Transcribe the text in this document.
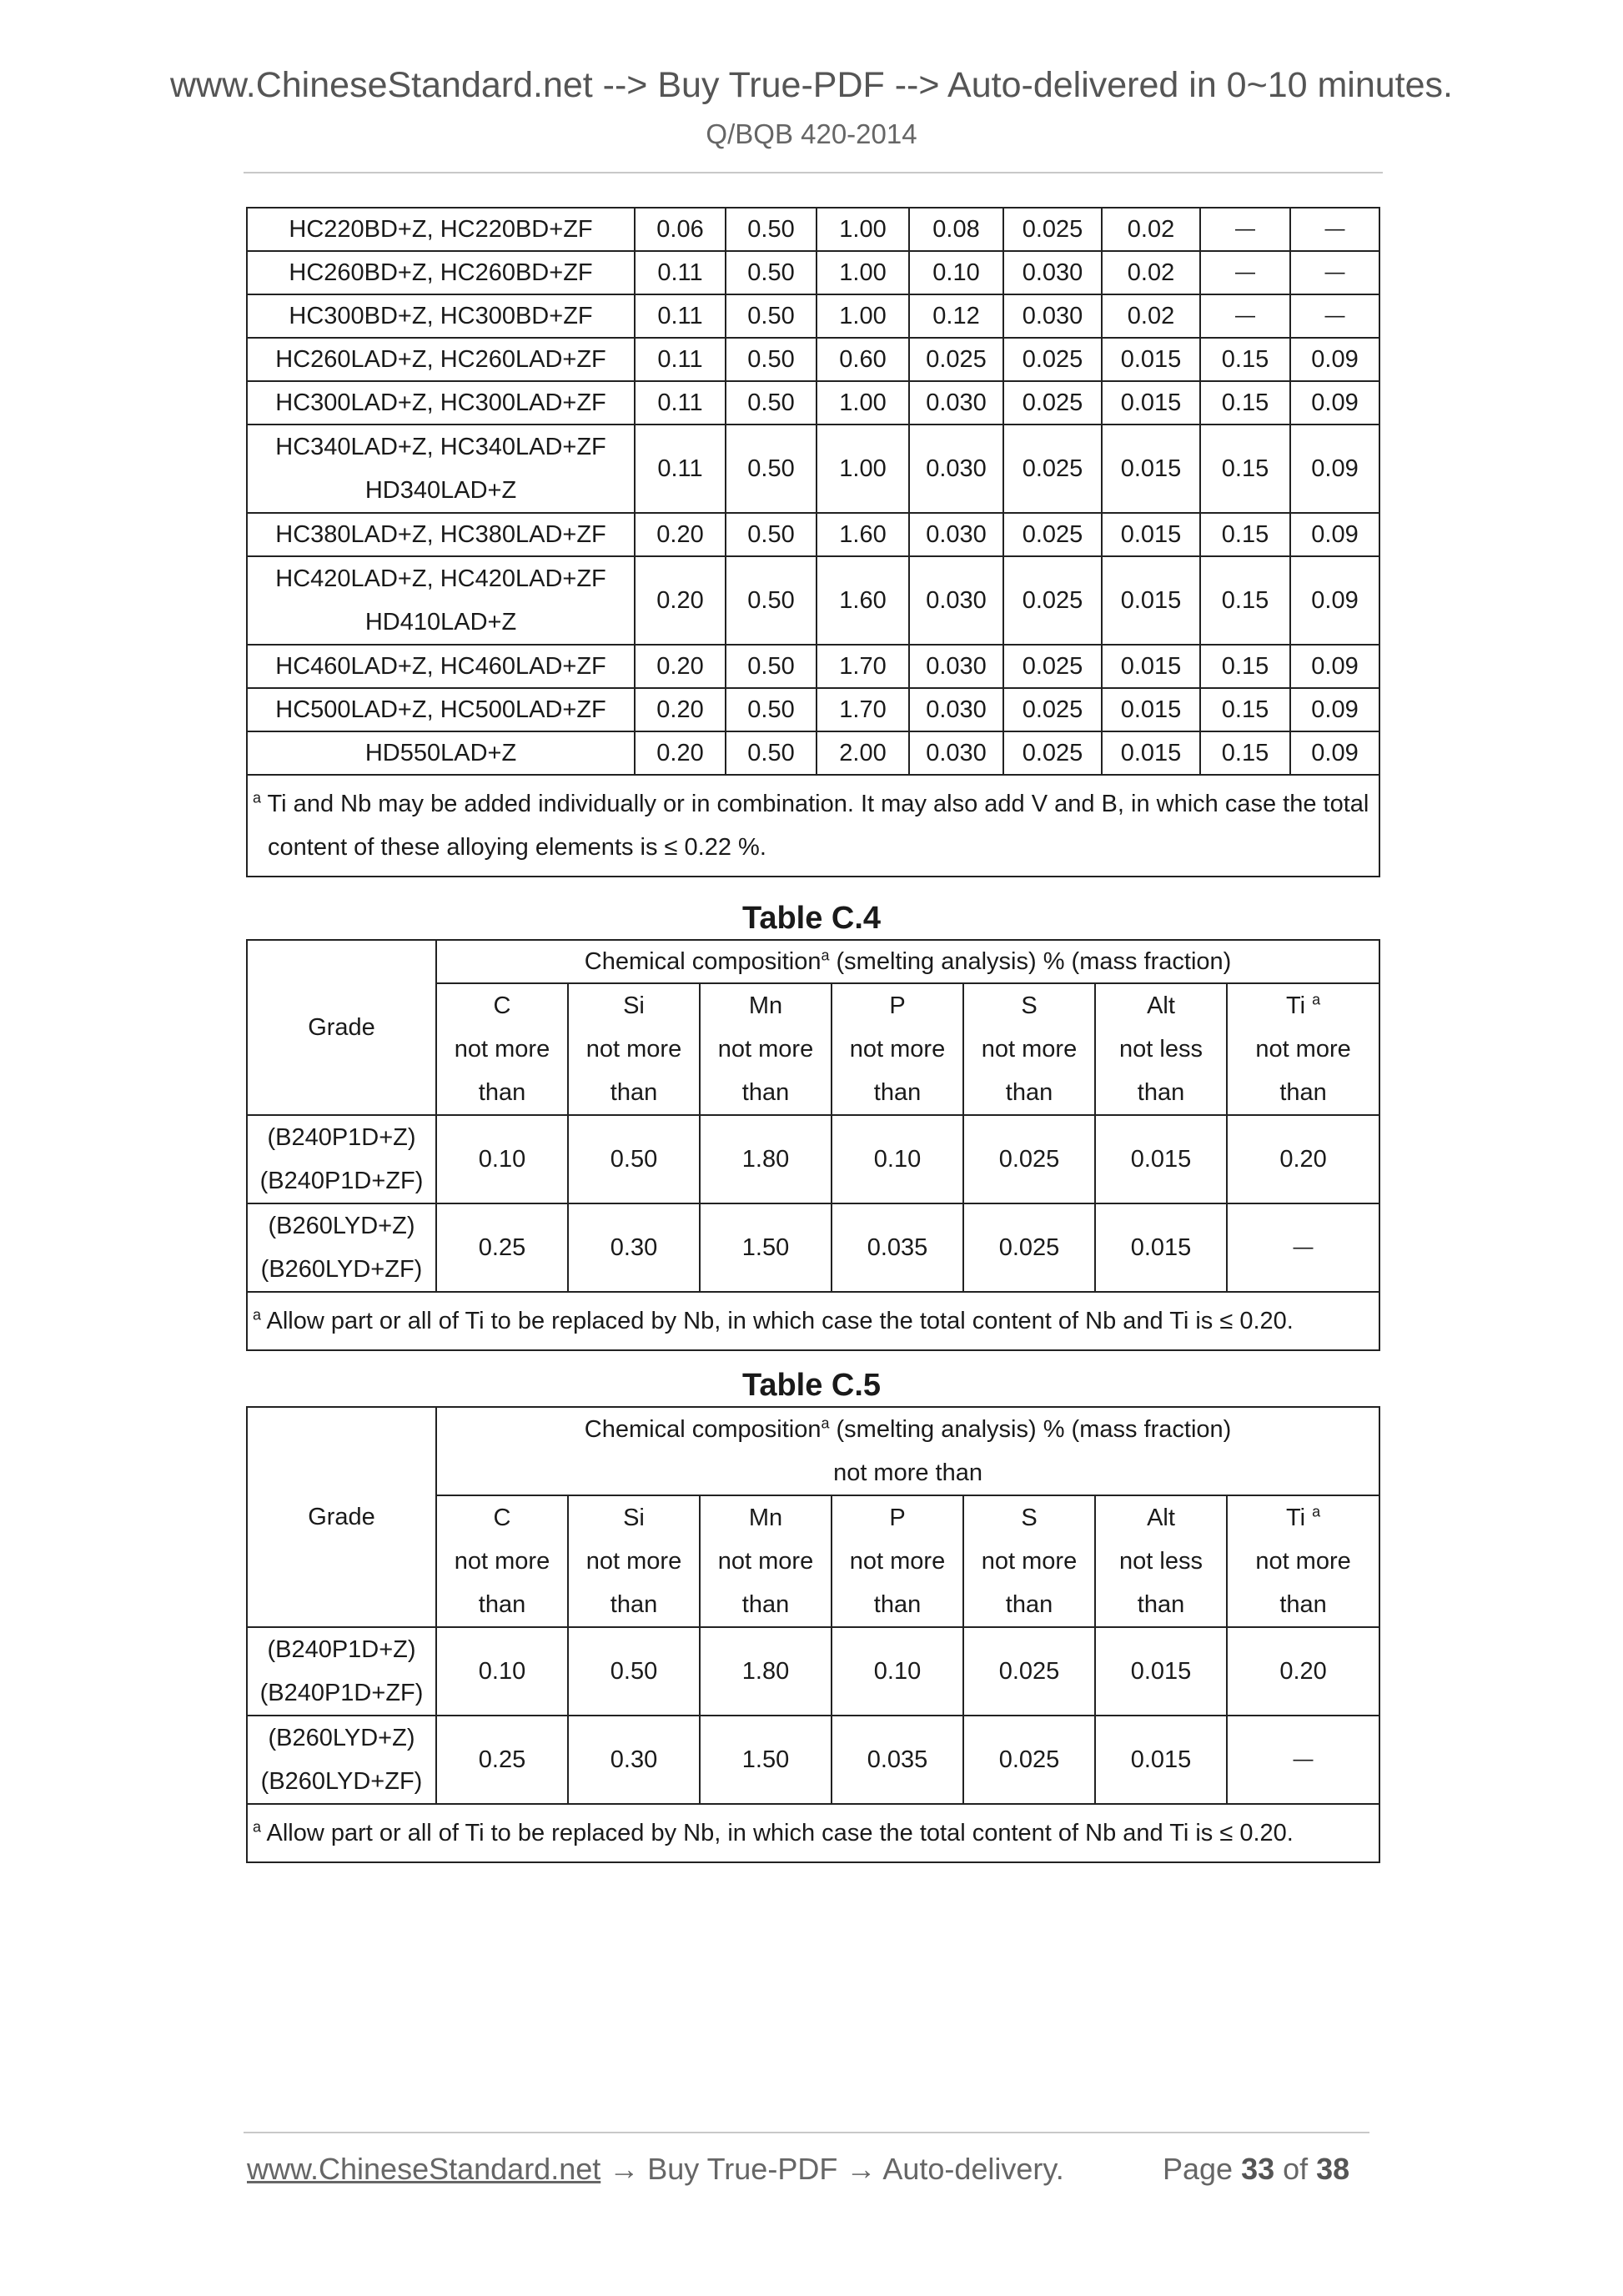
www.ChineseStandard.net --> Buy True-PDF --> Auto-delivered in 0~10 minutes.
Q/BQB 420-2014
HC220BD+Z, HC220BD+ZF	0.06	0.50	1.00	0.08	0.025	0.02	—	—
HC260BD+Z, HC260BD+ZF	0.11	0.50	1.00	0.10	0.030	0.02	—	—
HC300BD+Z, HC300BD+ZF	0.11	0.50	1.00	0.12	0.030	0.02	—	—
HC260LAD+Z, HC260LAD+ZF	0.11	0.50	0.60	0.025	0.025	0.015	0.15	0.09
HC300LAD+Z, HC300LAD+ZF	0.11	0.50	1.00	0.030	0.025	0.015	0.15	0.09
HC340LAD+Z, HC340LAD+ZF
HD340LAD+Z	0.11	0.50	1.00	0.030	0.025	0.015	0.15	0.09
HC380LAD+Z, HC380LAD+ZF	0.20	0.50	1.60	0.030	0.025	0.015	0.15	0.09
HC420LAD+Z, HC420LAD+ZF
HD410LAD+Z	0.20	0.50	1.60	0.030	0.025	0.015	0.15	0.09
HC460LAD+Z, HC460LAD+ZF	0.20	0.50	1.70	0.030	0.025	0.015	0.15	0.09
HC500LAD+Z, HC500LAD+ZF	0.20	0.50	1.70	0.030	0.025	0.015	0.15	0.09
HD550LAD+Z	0.20	0.50	2.00	0.030	0.025	0.015	0.15	0.09
$^a$ Ti and Nb may be added individually or in combination. It may also add V and B, in which case the total
content of these alloying elements is ≤ 0.22 %.								
Table C.4
Grade	Chemical composition$^a$ (smelting analysis) % (mass fraction)						
	C
not more
than	Si
not more
than	Mn
not more
than	P
not more
than	S
not more
than	Alt
not less
than	Ti $^a$
not more
than
(B240P1D+Z)
(B240P1D+ZF)	0.10	0.50	1.80	0.10	0.025	0.015	0.20
(B260LYD+Z)
(B260LYD+ZF)	0.25	0.30	1.50	0.035	0.025	0.015	—
$^a$ Allow part or all of Ti to be replaced by Nb, in which case the total content of Nb and Ti is ≤ 0.20.							
Table C.5
Grade	Chemical composition$^a$ (smelting analysis) % (mass fraction)
not more than						
	C
not more
than	Si
not more
than	Mn
not more
than	P
not more
than	S
not more
than	Alt
not less
than	Ti $^a$
not more
than
(B240P1D+Z)
(B240P1D+ZF)	0.10	0.50	1.80	0.10	0.025	0.015	0.20
(B260LYD+Z)
(B260LYD+ZF)	0.25	0.30	1.50	0.035	0.025	0.015	—
$^a$ Allow part or all of Ti to be replaced by Nb, in which case the total content of Nb and Ti is ≤ 0.20.							
www.ChineseStandard.net → Buy True-PDF → Auto-delivery.	Page 33 of 38
